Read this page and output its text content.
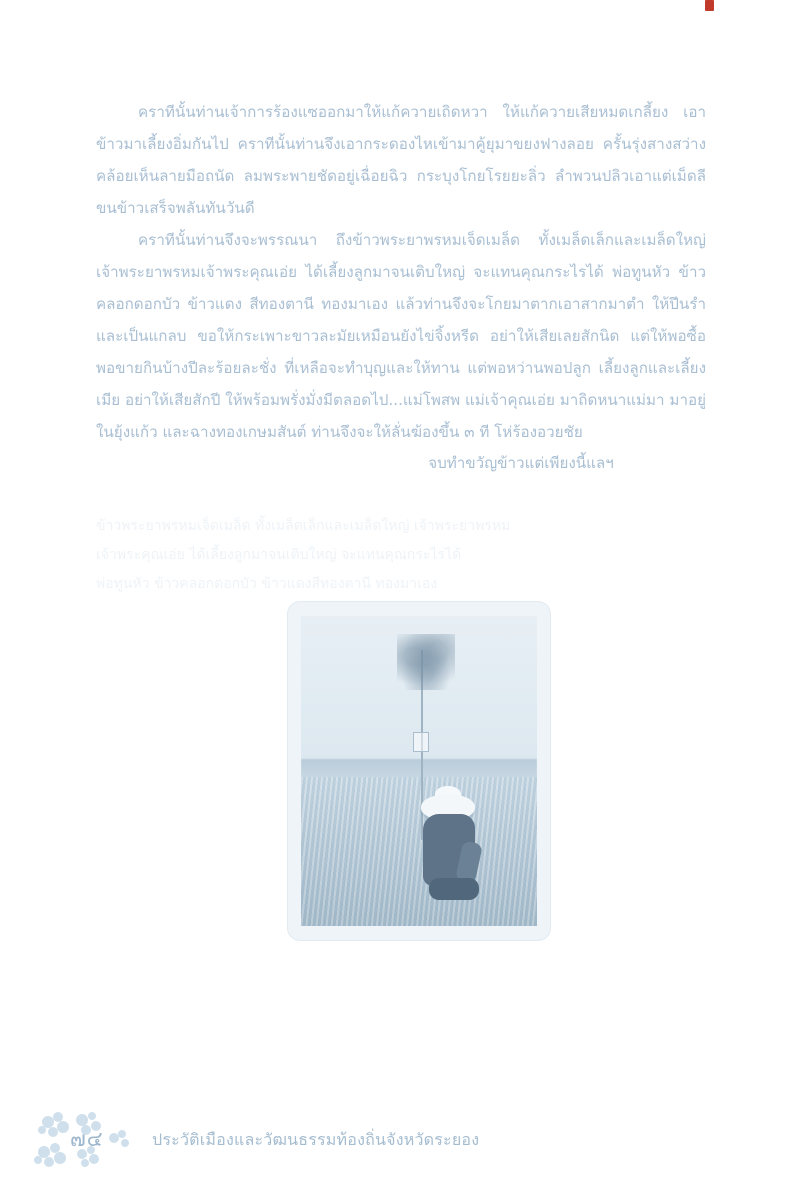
คราทีนั้นท่านเจ้าการร้องแซออกมาให้แก้ควายเถิดหวา ให้แก้ควายเสียหมดเกลี้ยง เอาข้าวมาเลี้ยงอิ่มกันไป คราทีนั้นท่านจึงเอากระดองไหเข้ามาคู้ยุมาขยงฟางลอย ครั้นรุ่งสางสว่าง คล้อยเห็นลายมือถนัด ลมพระพายชัดอยู่เฉื่อยฉิว กระบุงโกยโรยยะลิ่ว ลำพวนปลิวเอาแต่เม็ดลี ขนข้าวเสร็จพลันทันวันดี

คราทีนั้นท่านจึงจะพรรณนา ถึงข้าวพระยาพรหมเจ็ดเมล็ด ทั้งเมล็ดเล็กและเมล็ดใหญ่ เจ้าพระยาพรหมเจ้าพระคุณเอ่ย ได้เลี้ยงลูกมาจนเติบใหญ่ จะแทนคุณกระไรได้ พ่อทูนหัว ข้าวคลอกดอกบัว ข้าวแดง สีทองตานี ทองมาเอง แล้วท่านจึงจะโกยมาตากเอาสากมาตำ ให้ปึนรำและเป็นแกลบ ขอให้กระเพาะขาวละมัยเหมือนยังไข่จิ้งหรีด อย่าให้เสียเลยสักนิด แต่ให้พอซื้อพอขายกินบ้างปีละร้อยละชั่ง ที่เหลือจะทำบุญและให้ทาน แต่พอหว่านพอปลูก เลี้ยงลูกและเลี้ยงเมีย อย่าให้เสียสักปี ให้พร้อมพรั่งมั่งมีตลอดไป...แม่โพสพ แม่เจ้าคุณเอ่ย มาถิดหนาแม่มา มาอยู่ในยุ้งแก้ว และฉางทองเกษมสันต์ ท่านจึงจะให้ลั่นฆ้องขึ้น ๓ ที โห่ร้องอวยชัย

จบทำขวัญข้าวแต่เพียงนี้แลฯ
ข้าวพระยาพรหมเจ็ดเมล็ด ทั้งเมล็ดเล็กและเมล็ดใหญ่ เจ้าพระยาพรหม
เจ้าพระคุณเอ่ย ได้เลี้ยงลูกมาจนเติบใหญ่ จะแทนคุณกระไรได้
พ่อทูนหัว ข้าวคลอกดอกบัว ข้าวแดงสีทองตานี ทองมาเอง
๗๔	ประวัติเมืองและวัฒนธรรมท้องถิ่นจังหวัดระยอง
